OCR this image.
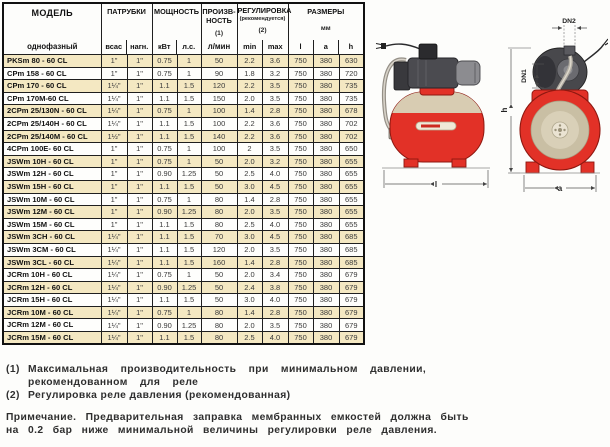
МОДЕЛЬ
однофазный

ПАТРУБКИ
всас	нагн.

МОЩНОСТЬ
кВт	л.с.

ПРОИЗВ-
НОСТЬ
(1)
л/мин

РЕГУЛИРОВКА
(рекомендуется)
(2)
min	max

РАЗМЕРЫ
мм
l	a	h

PKSm 80 - 60 CL	1"	1"	0.75	1	50	2.2	3.6	750	380	630
CPm 158 - 60 CL	1"	1"	0.75	1	90	1.8	3.2	750	380	720
CPm 170 - 60 CL	1¼"	1"	1.1	1.5	120	2.2	3.5	750	380	735
CPm 170M-60 CL	1¼"	1"	1.1	1.5	150	2.0	3.5	750	380	735
2CPm 25/130N - 60 CL	1¼"	1"	0.75	1	100	1.4	2.8	750	380	678
2CPm 25/140H - 60 CL	1¼"	1"	1.1	1.5	100	2.2	3.6	750	380	702
2CPm 25/140M - 60 CL	1½"	1"	1.1	1.5	140	2.2	3.6	750	380	702
4CPm 100E- 60 CL	1"	1"	0.75	1	100	2	3.5	750	380	650
JSWm 10H - 60 CL	1"	1"	0.75	1	50	2.0	3.2	750	380	655
JSWm 12H - 60 CL	1"	1"	0.90	1.25	50	2.5	4.0	750	380	655
JSWm 15H - 60 CL	1"	1"	1.1	1.5	50	3.0	4.5	750	380	655
JSWm 10M - 60 CL	1"	1"	0.75	1	80	1.4	2.8	750	380	655
JSWm 12M - 60 CL	1"	1"	0.90	1.25	80	2.0	3.5	750	380	655
JSWm 15M - 60 CL	1"	1"	1.1	1.5	80	2.5	4.0	750	380	655
JSWm 3CH - 60 CL	1¼"	1"	1.1	1.5	70	3.0	4.5	750	380	685
JSWm 3CM - 60 CL	1¼"	1"	1.1	1.5	120	2.0	3.5	750	380	685
JSWm 3CL - 60 CL	1¼"	1"	1.1	1.5	160	1.4	2.8	750	380	685
JCRm 10H - 60 CL	1¼"	1"	0.75	1	50	2.0	3.4	750	380	679
JCRm 12H - 60 CL	1¼"	1"	0.90	1.25	50	2.4	3.8	750	380	679
JCRm 15H - 60 CL	1¼"	1"	1.1	1.5	50	3.0	4.0	750	380	679
JCRm 10M - 60 CL	1¼"	1"	0.75	1	80	1.4	2.8	750	380	679
JCRm 12M - 60 CL	1¼"	1"	0.90	1.25	80	2.0	3.5	750	380	679
JCRm 15M - 60 CL	1¼"	1"	1.1	1.5	80	2.5	4.0	750	380	679
l
DN2
DN1
h
a
(1) Максимальная производительность при минимальном давлении,
рекомендованном для реле
(2) Регулировка реле давления (рекомендованная)
Примечание. Предварительная заправка мембранных емкостей должна быть
на 0.2 бар ниже минимальной величины регулировки реле давления.
